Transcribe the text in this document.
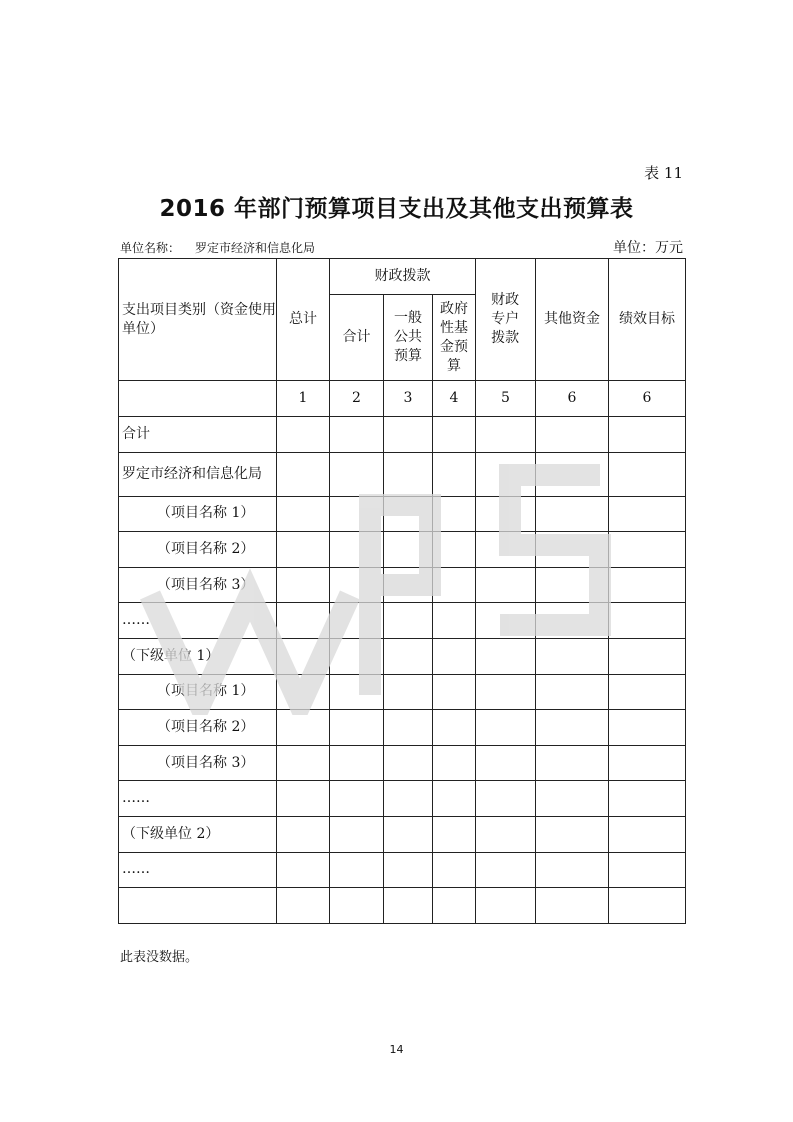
表 11
2016 年部门预算项目支出及其他支出预算表
单位名称： 罗定市经济和信息化局	单位：万元
支出项目类别（资金使用单位）	总计	财政拨款			财政专户拨款	其他资金	绩效目标
		合计	一般公共预算	政府性基金预算			

	1	2	3	4	5	6	6
合计							
罗定市经济和信息化局							
（项目名称 1）							
（项目名称 2）							
（项目名称 3）							
……							
（下级单位 1）							
（项目名称 1）							
（项目名称 2）							
（项目名称 3）							
……							
（下级单位 2）							
……							

此表没数据。
14
